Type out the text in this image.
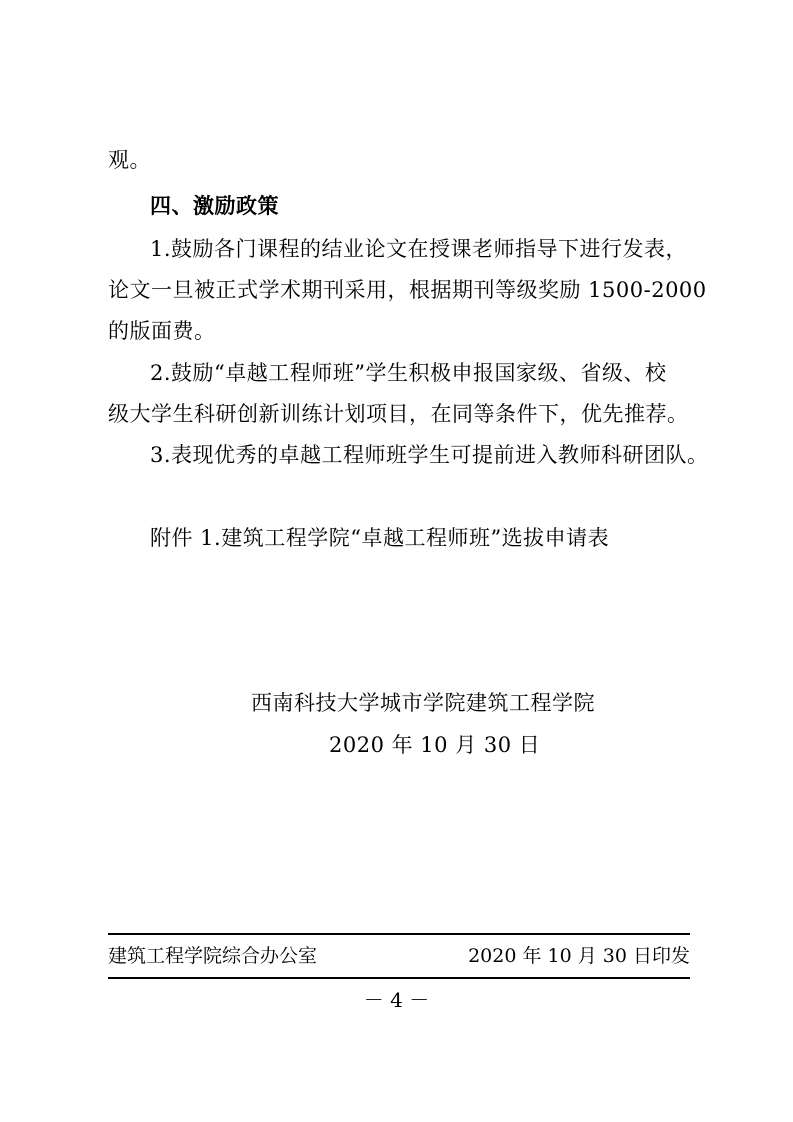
观。
四、激励政策
1.鼓励各门课程的结业论文在授课老师指导下进行发表，
论文一旦被正式学术期刊采用，根据期刊等级奖励 1500-2000
的版面费。
2.鼓励“卓越工程师班”学生积极申报国家级、省级、校
级大学生科研创新训练计划项目，在同等条件下，优先推荐。
3.表现优秀的卓越工程师班学生可提前进入教师科研团队。
附件 1.建筑工程学院“卓越工程师班”选拔申请表
西南科技大学城市学院建筑工程学院
2020 年 10 月 30 日
建筑工程学院综合办公室	2020 年 10 月 30 日印发
－ 4 －
